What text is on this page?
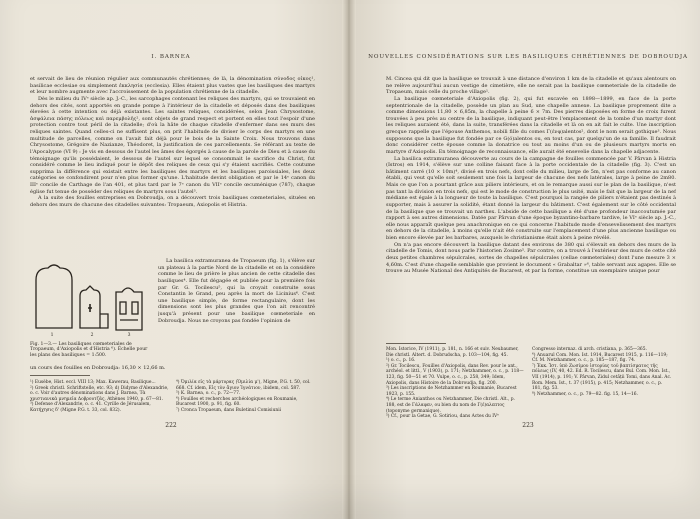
I. BARNEA

et servait de lieu de réunion régulier aux communautés chrétiennes; de là, la dénomination σύνοδος οἶκος¹, basilicae ecclesiae ou simplement ἐκκλησία (ecclesia). Elles étaient plus vastes que les basiliques des martyrs et leur nombre augmente avec l'accroissement de la population chrétienne de la citadelle.

Dès le milieu du IVᵉ siècle ap. J.-C., les sarcophages contenant les reliques des martyrs, qui se trouvaient en dehors des cités, sont apportés en grande pompe à l'intérieur de la citadelle et déposés dans des basiliques élevées à cette intention ou déjà existantes. Les saintes reliques, considérées, selon Jean Chrysostome, ἀσφάλεια πάσης πόλεως καὶ παρεμβολῆς², sont objets de grand respect et portent en elles tout l'espoir d'une protection contre tout péril de la citadelle; d'où la hâte de chaque citadelle d'enfermer dans ses murs des reliques saintes. Quand celles-ci ne suffisent plus, on prit l'habitude de diviser le corps des martyrs en une multitude de parcelles, comme on l'avait fait déjà pour le bois de la Sainte Croix. Nous trouvons dans Chrysostome, Grégoire de Nazianze, Théodoret, la justification de ces parcellements. Se référant au texte de l'Apocalypse (VI 9) : Je vis en dessous de l'autel les âmes des égorgés à cause de la parole de Dieu et à cause du témoignage qu'ils possédaient, le dessous de l'autel sur lequel se consommait le sacrifice du Christ, fut considéré comme le lieu indiqué pour le dépôt des reliques de ceux qui s'y étaient sacrifiés. Cette coutume supprima la différence qui existait entre les basiliques des martyrs et les basiliques paroissiales, les deux catégories se confondirent pour n'en plus former qu'une. L'habitude devint obligation et par le 14ᵉ canon du IIIᵉ concile de Carthage de l'an 401, et plus tard par le 7ᵉ canon du VIIᵉ concile œcuménique (787), chaque église fut tenue de posséder des reliques de martyrs sous l'autel³.

A la suite des fouilles entreprises en Dobroudja, on a découvert trois basiliques cœmeteriales, situées en dehors des murs de chacune des citadelles suivantes: Tropaeum, Axiopolis et Histria.

1	2	3
Fig. 1—3.— Les basiliques cœmeteriales de Tropaeum, d'Axiopolis et d'Histria ⁶). Échelle pour les plans des basiliques = 1:500.

La basilica extramuranea de Tropaeum (fig. 1), s'élève sur un plateau à la partie Nord de la citadelle et on la considère comme le lieu de prière le plus ancien de cette citadelle des basiliques⁴. Elle fut dégagée et publiée pour la première fois par Gr. G. Tocilescu⁵, qui la croyait construite sous Constantin le Grand, peu après la mort de Licinius⁶. C'est une basilique simple, de forme rectangulaire, dont les dimensions sont les plus grandes que l'on ait rencontré jusqu'à présent pour une basilique cœmeteriale en Dobroudja. Nous ne croyons pas fondée l'opinion de

un cours des fouilles en Dobroudja: 16,30 × 12,66 m.

¹) Eusèbe, Hist. eccl. VIII 13; Max. Kawerau, Basilique...

²) Greek christl. Schriftstelle, etc. 93; d) Didyme d'Alexandrie, o. c. Voir d'autres dénominations dans J. Barnea, Τὰ χριστιανικὰ μνημεῖα Δοβρουτζᾶς, Athènes 1940, p. 67—81.

³) Defense d'Alexandrie, o. c. 41. Cyrille de Jérusalem, Κατήχησις δ' (Migne P.G. t. 33, col. 832).

⁴) Ὁμιλία εἰς τὰ μάρτυρας (Ὁμιλία μ'), Migne, P.G. t. 50, col. 668. Cf. idem, Εἰς τὸν ἅγιον Ἰγνάτιον, ibidem, col. 587.

⁵) Κ. Barnea, o. c., p. 72—77.

⁶) Fouilles et recherches archéologiques en Roumanie, Bucarest 1900, p. 91, fig. 60.

⁷) Cronca Tropaeum, dans Buletinul Comisiunii

222
NOUVELLES CONSIDÉRATIONS SUR LES BASILIQUES CHRÉTIENNES DE DOBROUDJA

M. Cincea qui dit que la basilique se trouvait à une distance d'environ 1 km de la citadelle et qu'aux alentours on ne relève aujourd'hui aucun vestige de cimetière, elle ne serait pas la basilique cœmeteriale de la citadelle de Tropaeum, mais celle du proche village¹.

La basilique cœmeteriale d'Axiopolis (fig. 2), qui fut excavée en 1898—1899, en face de la porte septentrionale de la citadelle, possède un plan au Sud, une chapelle annexe. La basilique proprement dite a comme dimensions 11,80 × 6,85m, la chapelle à peine 6 × 7m. Des pierres disposées en forme de croix furent trouvées à peu près au centre de la basilique, indiquant peut-être l'emplacement de la tombe d'un martyr dont les reliques auraient été, dans la suite, transférées dans la citadelle et là on en ait fait le culte. Une inscription grecque rappelle que l'épouse Anthemos, nobili fille du comes Γ(ένφ)alentos², dont le nom serait gothique³. Nous supposons que la basilique fut fondée par ce G(ό)alentos ou, en tout cas, par quelqu'un de sa famille. Il faudrait donc considérer cette épouse comme la donatrice ou tout au moins d'un ou de plusieurs martyrs morts en martyre d'Axiopolis. En témoignage de reconnaissance, elle aurait été ensevelie dans la chapelle adjacente.

La basilica extramuranea découverte au cours de la campagne de fouilles commencée par V. Pârvan à Histria (Istros) en 1914, s'élève sur une colline faisant face à la porte occidentale de la citadelle (fig. 3). C'est un bâtiment carré (10 × 10m)⁴, divisé en trois nefs, dont celle du milieu, large de 5m, n'est pas conforme au canon établi, qui veut qu'elle soit seulement une fois la largeur de chacune des nefs latérales, large à peine de 2m80. Mais ce que l'on a pourtant grâce aux piliers intérieurs, et on le remarque aussi sur le plan de la basilique, n'est pas tant la division en trois nefs, qui est le mode de construction le plus usité, mais le fait que la largeur de la nef médiane est égale à la longueur de toute la basilique. C'est pourquoi la rangée de piliers n'étaient pas destinés à supporter, mais à assurer la solidité, étant donné la largeur du bâtiment. C'est également sur le côté occidental de la basilique que se trouvait un narthex. L'abside de cette basilique a été d'une profondeur inaccoutumée par rapport à ses autres dimensions. Datée par Pârvan d'une époque byzantino-barbare tardive, le VIᵉ siècle ap. J.-C., elle nous apparaît quelque peu anachronique en ce qui concerne l'habitude mode d'ensevelissement des martyrs en dehors de la citadelle, à moins qu'elle n'ait été construite sur l'emplacement d'une plus ancienne basilique ou bien encore élevée par les barbares, auxquels le christianisme était alors à peine révélé.

On n'a pas encore découvert la basilique datant des environs de 380 qui s'élevait en dehors des murs de la citadelle de Tomis, dont nous parle l'historien Zosime⁵. Par contre, on a trouvé à l'extérieur des murs de cette cité deux petites chambres sépulcrales, sortes de chapelles sépulcrales (cellae cœmeteriales) dont l'une mesure 3 × 4,60m. C'est d'une chapelle semblable que provient le document « Grabaltar »⁶, table servant aux agapes. Elle se trouve au Musée National des Antiquités de Bucarest, et par la forme, constitue un exemplaire unique pour

Mon. Istorice, IV (1911), p. 181, n. 166 et suiv. Neubaumer, Die christl. Altert. d. Dobrudscha, p. 103—104, fig. 45.

¹) o. c., p. 16.

²) Gr. Tocilescu, Fouilles d'Axiopolis, dans Rev. pour le ant., archéol. et littl., V (1903), p. 171; Netzhammer, o. c., p. 118—123, fig. 50—51 et 70. Vulpe, o. c., p. 258, 349; Idem, Axiopolis, dans Histoire de la Dobroudja, fig. 200.

³) Les inscriptions de Netzhammer en Roumanie, Bucarest 1923, p. 155.

⁴) Le terme Anianthos ou Netzhammer, Die christl. Alt., p. 188, est de Γάλαφεν, ou bien du nom de Γ(έ)αλεπτος (toponyme germanique).

⁵) Cf., pour la Getae, G. Sotiriou, dans Actes du IVᵉ

Congresso internaz. di arch. cristiana, p. 365—365.

⁶) Anuarul Com. Mon. Ist. 1914, Bucarest 1915, p. 116—119; Cf. M. Netzhammer, o. c., p. 185—187, fig. 74.

⁷) Ἐκκ. Ἱστ. ὑπὸ Ζωσίμου ἱστορίας τοῦ βαπτίσματος τῆς πόλεως (IV, 40, 42. Ed. R. Tocilescu, dans Bul. Com. Mon. Ist., VII (1914), p. 191; V. Pârvan, Zidul cetății Tomi, dans Anal. Ac. Rom. Mem. Ist., t. 37 (1915), p. 415; Netzhammer, o. c., p. 181, fig. 53.

⁸) Netzhammer, o. c., p. 79—82. fig. 15, 14—16.

223
